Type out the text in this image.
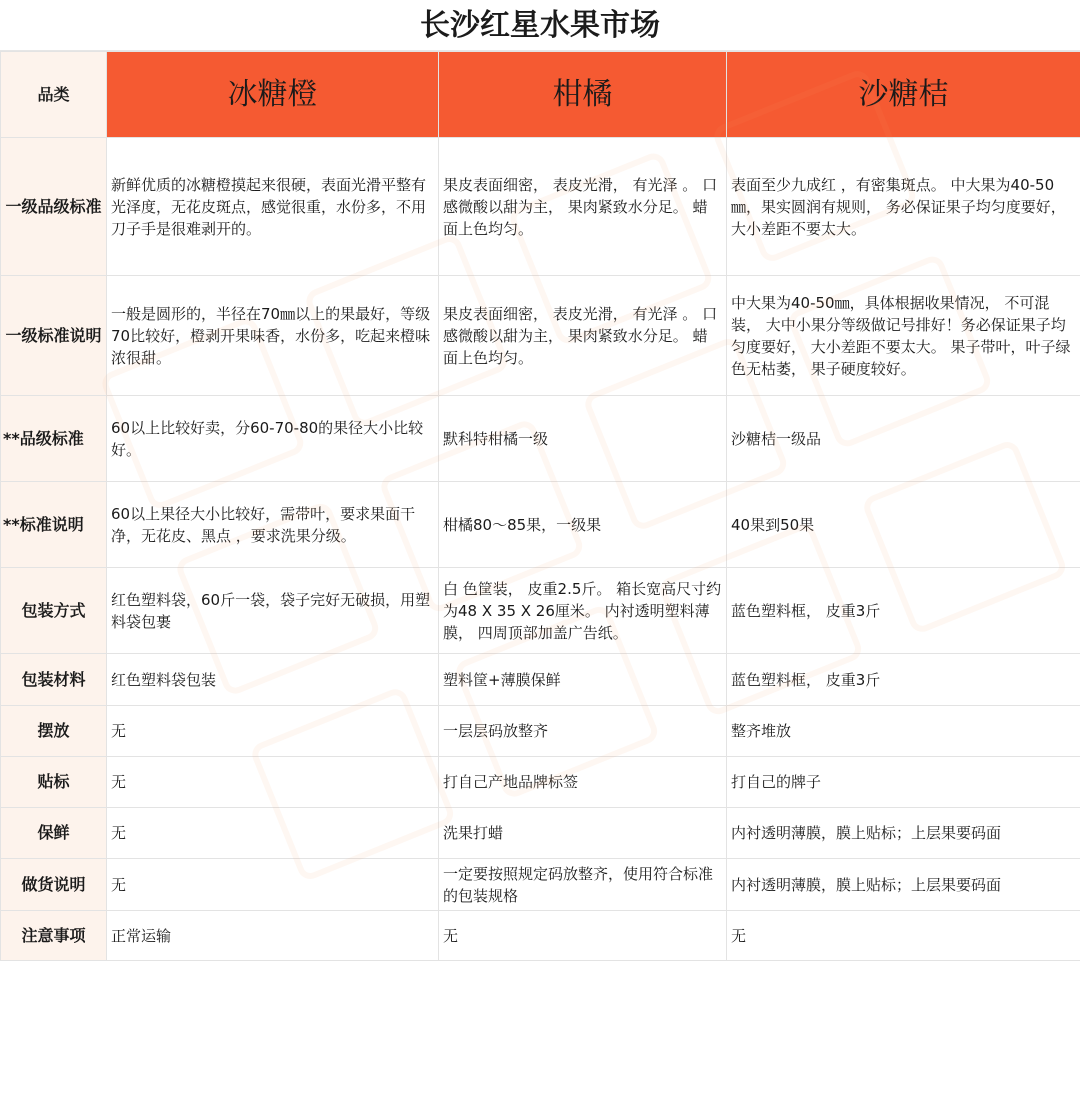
长沙红星水果市场
品类	冰糖橙	柑橘	沙糖桔
一级品级标准	新鲜优质的冰糖橙摸起来很硬，表面光滑平整有光泽度，无花皮斑点，感觉很重，水份多，不用刀子手是很难剥开的。	果皮表面细密， 表皮光滑， 有光泽 。 口感微酸以甜为主， 果肉紧致水分足。 蜡面上色均匀。	表面至少九成红 ，有密集斑点。 中大果为40-50㎜，果实圆润有规则， 务必保证果子均匀度要好， 大小差距不要太大。
一级标准说明	一般是圆形的，半径在70㎜以上的果最好，等级70比较好，橙剥开果味香，水份多，吃起来橙味浓很甜。	果皮表面细密， 表皮光滑， 有光泽 。 口感微酸以甜为主， 果肉紧致水分足。 蜡面上色均匀。	中大果为40-50㎜，具体根据收果情况， 不可混装， 大中小果分等级做记号排好！务必保证果子均匀度要好， 大小差距不要太大。 果子带叶，叶子绿色无枯萎， 果子硬度较好。
**品级标准	60以上比较好卖，分60-70-80的果径大小比较好。	默科特柑橘一级	沙糖桔一级品
**标准说明	60以上果径大小比较好，需带叶，要求果面干净，无花皮、黑点 ，要求洗果分级。	柑橘80～85果，一级果	40果到50果
包装方式	红色塑料袋，60斤一袋，袋子完好无破损，用塑料袋包裹	白 色筐装， 皮重2.5斤。 箱长宽高尺寸约为48 X 35 X 26厘米。 内衬透明塑料薄膜， 四周顶部加盖广告纸。	蓝色塑料框， 皮重3斤
包装材料	红色塑料袋包装	塑料筐+薄膜保鲜	蓝色塑料框， 皮重3斤
摆放	无	一层层码放整齐	整齐堆放
贴标	无	打自己产地品牌标签	打自己的牌子
保鲜	无	洗果打蜡	内衬透明薄膜，膜上贴标；上层果要码面
做货说明	无	一定要按照规定码放整齐，使用符合标准的包装规格	内衬透明薄膜，膜上贴标；上层果要码面
注意事项	正常运输	无	无
